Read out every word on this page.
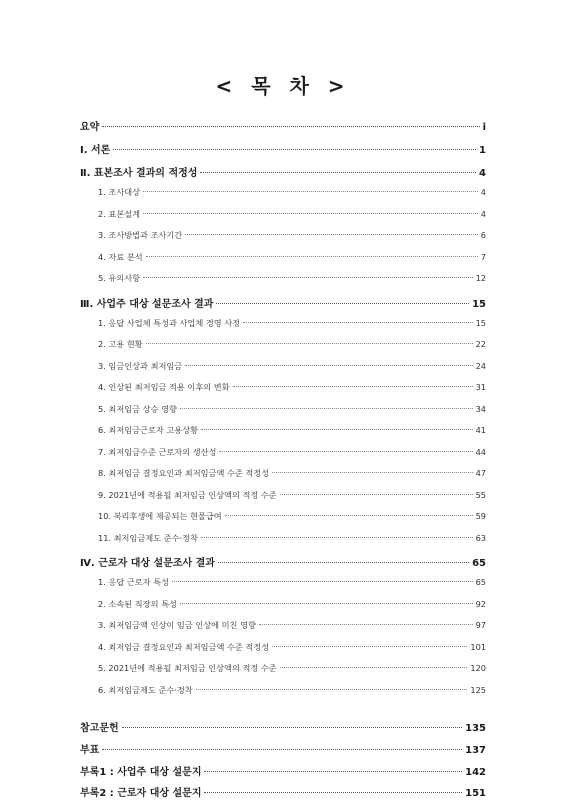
< 목 차 >
요약	i
Ⅰ. 서론	1
Ⅱ. 표본조사 결과의 적정성	4
1. 조사대상	4
2. 표본설계	4
3. 조사방법과 조사기간	6
4. 자료 분석	7
5. 유의사항	12
Ⅲ. 사업주 대상 설문조사 결과	15
1. 응답 사업체 특성과 사업체 경영 사정	15
2. 고용 현황	22
3. 임금인상과 최저임금	24
4. 인상된 최저임금 적용 이후의 변화	31
5. 최저임금 상승 영향	34
6. 최저임금근로자 고용상황	41
7. 최저임금수준 근로자의 생산성	44
8. 최저임금 결정요인과 최저임금액 수준 적정성	47
9. 2021년에 적용될 최저임금 인상액의 적정 수준	55
10. 복리후생에 제공되는 현물급여	59
11. 최저임금제도 준수·정착	63
Ⅳ. 근로자 대상 설문조사 결과	65
1. 응답 근로자 특성	65
2. 소속된 직장의 특성	92
3. 최저임금액 인상이 임금 인상에 미친 영향	97
4. 최저임금 결정요인과 최저임금액 수준 적정성	101
5. 2021년에 적용될 최저임금 인상액의 적정 수준	120
6. 최저임금제도 준수·정착	125
참고문헌	135
부표	137
부록1 : 사업주 대상 설문지	142
부록2 : 근로자 대상 설문지	151
